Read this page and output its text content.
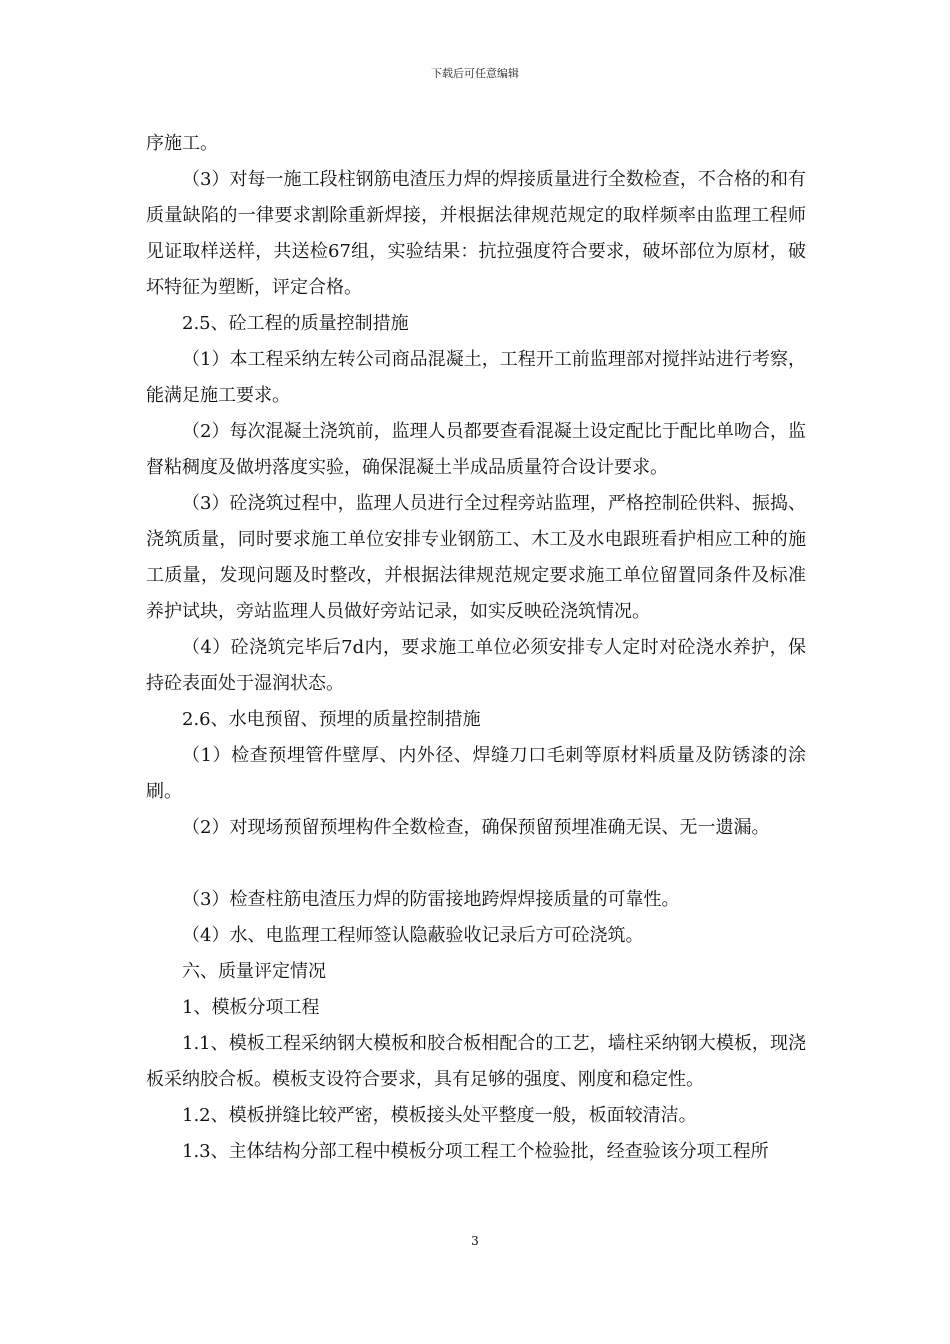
下载后可任意编辑

序施工。

（3）对每一施工段柱钢筋电渣压力焊的焊接质量进行全数检查，不合格的和有质量缺陷的一律要求割除重新焊接，并根据法律规范规定的取样频率由监理工程师见证取样送样，共送检67组，实验结果：抗拉强度符合要求，破坏部位为原材，破坏特征为塑断，评定合格。

2.5、砼工程的质量控制措施

（1）本工程采纳左转公司商品混凝土，工程开工前监理部对搅拌站进行考察，能满足施工要求。

（2）每次混凝土浇筑前，监理人员都要查看混凝土设定配比于配比单吻合，监督粘稠度及做坍落度实验，确保混凝土半成品质量符合设计要求。

（3）砼浇筑过程中，监理人员进行全过程旁站监理，严格控制砼供料、振捣、浇筑质量，同时要求施工单位安排专业钢筋工、木工及水电跟班看护相应工种的施工质量，发现问题及时整改，并根据法律规范规定要求施工单位留置同条件及标准养护试块，旁站监理人员做好旁站记录，如实反映砼浇筑情况。

（4）砼浇筑完毕后7d内，要求施工单位必须安排专人定时对砼浇水养护，保持砼表面处于湿润状态。

2.6、水电预留、预埋的质量控制措施

（1）检查预埋管件壁厚、内外径、焊缝刀口毛刺等原材料质量及防锈漆的涂刷。

（2）对现场预留预埋构件全数检查，确保预留预埋准确无误、无一遗漏。

（3）检查柱筋电渣压力焊的防雷接地跨焊焊接质量的可靠性。

（4）水、电监理工程师签认隐蔽验收记录后方可砼浇筑。

六、质量评定情况

1、模板分项工程

1.1、模板工程采纳钢大模板和胶合板相配合的工艺，墙柱采纳钢大模板，现浇板采纳胶合板。模板支设符合要求，具有足够的强度、刚度和稳定性。

1.2、模板拼缝比较严密，模板接头处平整度一般，板面较清洁。

1.3、主体结构分部工程中模板分项工程工个检验批，经查验该分项工程所

3
